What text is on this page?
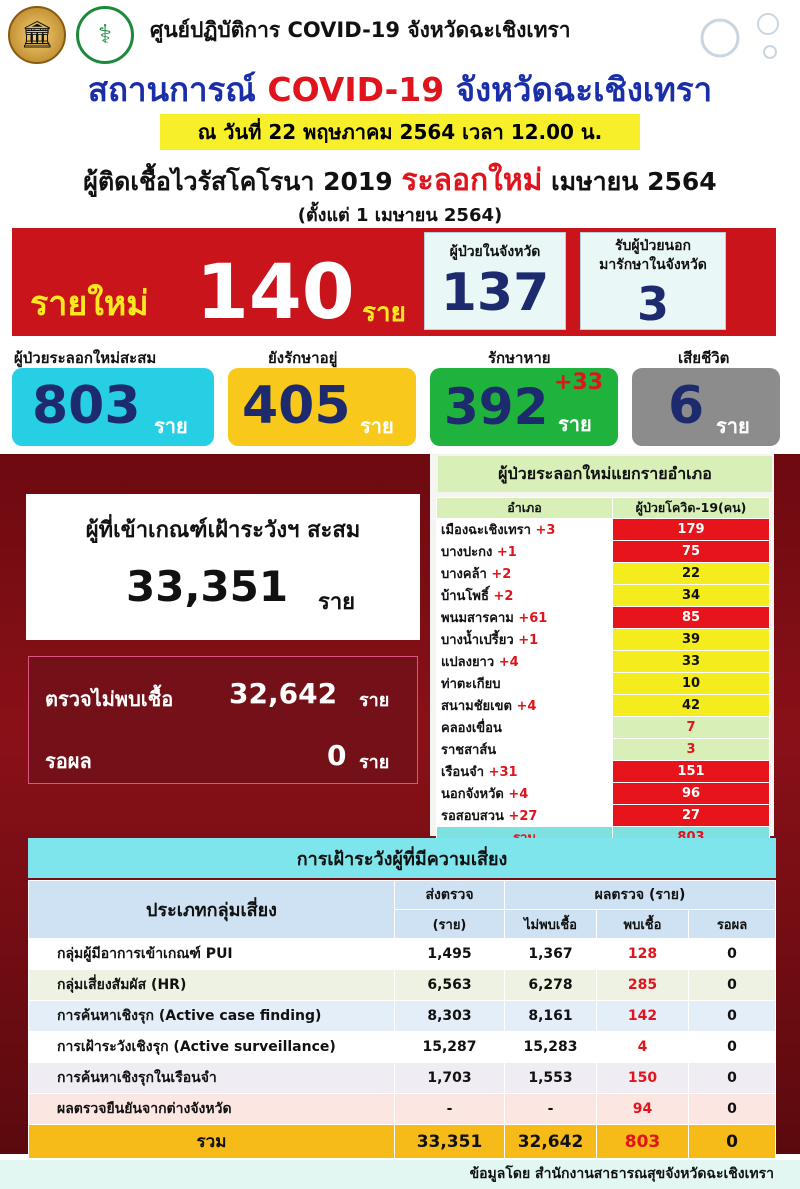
🏛	⚕	ศูนย์ปฏิบัติการ COVID-19 จังหวัดฉะเชิงเทรา
สถานการณ์ COVID-19 จังหวัดฉะเชิงเทรา
ณ วันที่ 22 พฤษภาคม 2564 เวลา 12.00 น.
ผู้ติดเชื้อไวรัสโคโรนา 2019 ระลอกใหม่ เมษายน 2564
(ตั้งแต่ 1 เมษายน 2564)
รายใหม่ 140 ราย
ผู้ป่วยในจังหวัด
137
รับผู้ป่วยนอก
มารักษาในจังหวัด
3
ผู้ป่วยระลอกใหม่สะสม	ยังรักษาอยู่	รักษาหาย	เสียชีวิต
803 ราย 405 ราย 392 ราย
+33 6 ราย
ผู้ที่เข้าเกณฑ์เฝ้าระวังฯ สะสม
33,351 ราย
ตรวจไม่พบเชื้อ 32,642 ราย
รอผล	0 ราย
ผู้ป่วยระลอกใหม่แยกรายอำเภอ
อำเภอ	ผู้ป่วยโควิด-19(คน)
เมืองฉะเชิงเทรา +3	179
บางปะกง +1	75
บางคล้า +2	22
บ้านโพธิ์ +2	34
พนมสารคาม +61	85
บางน้ำเปรี้ยว +1	39
แปลงยาว +4	33
ท่าตะเกียบ	10
สนามชัยเขต +4	42
คลองเขื่อน	7
ราชสาส์น	3
เรือนจำ +31	151
นอกจังหวัด +4	96
รอสอบสวน +27	27

การเฝ้าระวังผู้ที่มีความเสี่ยง
ประเภทกลุ่มเสี่ยง	ส่งตรวจ	ผลตรวจ (ราย)		
	(ราย)	ไม่พบเชื้อ	พบเชื้อ	รอผล
กลุ่มผู้มีอาการเข้าเกณฑ์ PUI	1,495	1,367	128	0
กลุ่มเสี่ยงสัมผัส (HR)	6,563	6,278	285	0
การค้นหาเชิงรุก (Active case finding)	8,303	8,161	142	0
การเฝ้าระวังเชิงรุก (Active surveillance)	15,287	15,283	4	0
การค้นหาเชิงรุกในเรือนจำ	1,703	1,553	150	0
ผลตรวจยืนยันจากต่างจังหวัด	-	-	94	0
รวม	33,351	32,642	803	0
ข้อมูลโดย สำนักงานสาธารณสุขจังหวัดฉะเชิงเทรา
